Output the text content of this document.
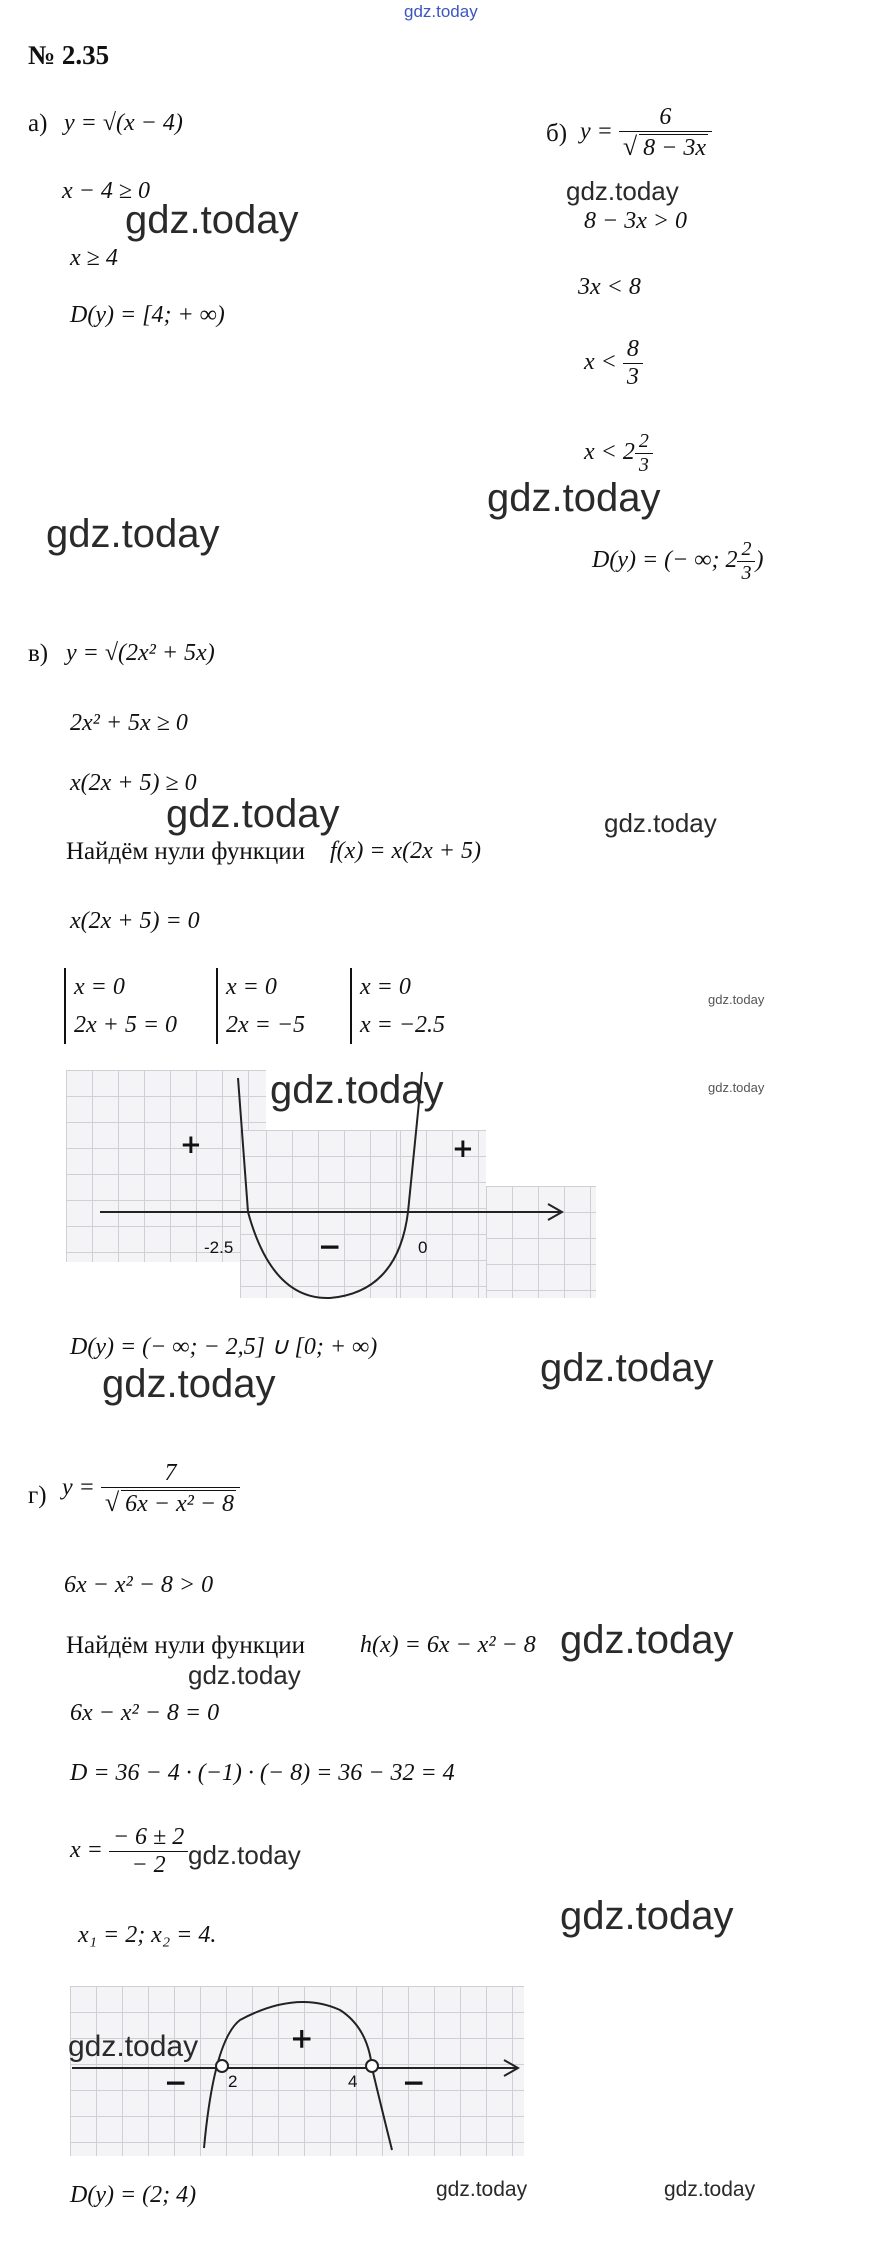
gdz.today
№ 2.35
а) y = √(x − 4)
x − 4 ≥ 0
x ≥ 4
D(y) = [4; + ∞)
gdz.today
gdz.today
б) $y = \frac{6}{√ 8 - 3x}$
gdz.today
8 − 3x > 0
3x < 8
$x < \frac{8}{3}$
$x < 2 \frac{2}{3}$
gdz.today
D(y) = (− ∞; $2 \frac{2}{3}$ )
в) y = √(2x² + 5x)
2x² + 5x ≥ 0
x(2x + 5) ≥ 0
gdz.today	gdz.today
Найдём нули функции f(x) = x(2x + 5)
x(2x + 5) = 0
x = 0
2x + 5 = 0
x = 0
2x = −5
x = 0
x = −2.5
gdz.today
gdz.today
+	+
−
-2.5	0
gdz.today
D(y) = (− ∞; − 2,5] ∪ [0; + ∞)
gdz.today	gdz.today
г) $y = \frac{7}{\text{√ 6x − x² − 8}}$
6x − x² − 8 > 0
Найдём нули функции h(x) = 6x − x² − 8 gdz.today
gdz.today
6x − x² − 8 = 0
D = 36 − 4 · (−1) · (− 8) = 36 − 32 = 4
$x = \frac{- 6 \pm 2}{- 2}$ gdz.today
x₁ = 2; x₂ = 4.	gdz.today
−
+
−
2	4
gdz.today
D(y) = (2; 4)	gdz.today	gdz.today
